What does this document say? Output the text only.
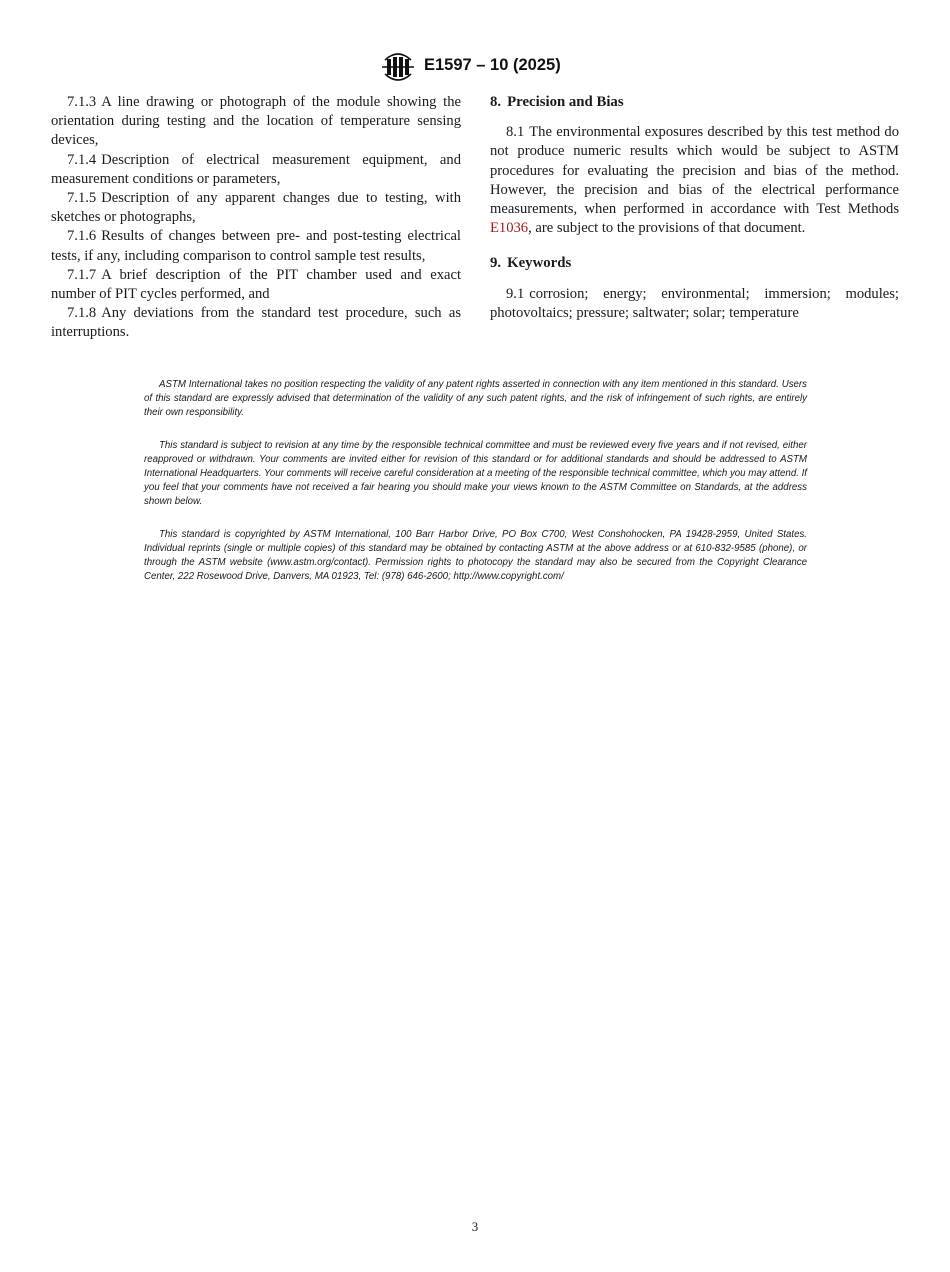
E1597 – 10 (2025)

7.1.3 A line drawing or photograph of the module showing the orientation during testing and the location of temperature sensing devices,

7.1.4 Description of electrical measurement equipment, and measurement conditions or parameters,

7.1.5 Description of any apparent changes due to testing, with sketches or photographs,

7.1.6 Results of changes between pre- and post-testing electrical tests, if any, including comparison to control sample test results,

7.1.7 A brief description of the PIT chamber used and exact number of PIT cycles performed, and

7.1.8 Any deviations from the standard test procedure, such as interruptions.

8. Precision and Bias

8.1 The environmental exposures described by this test method do not produce numeric results which would be subject to ASTM procedures for evaluating the precision and bias of the method. However, the precision and bias of the electrical performance measurements, when performed in accordance with Test Methods E1036, are subject to the provisions of that document.

9. Keywords

9.1 corrosion; energy; environmental; immersion; modules; photovoltaics; pressure; saltwater; solar; temperature

ASTM International takes no position respecting the validity of any patent rights asserted in connection with any item mentioned in this standard. Users of this standard are expressly advised that determination of the validity of any such patent rights, and the risk of infringement of such rights, are entirely their own responsibility.

This standard is subject to revision at any time by the responsible technical committee and must be reviewed every five years and if not revised, either reapproved or withdrawn. Your comments are invited either for revision of this standard or for additional standards and should be addressed to ASTM International Headquarters. Your comments will receive careful consideration at a meeting of the responsible technical committee, which you may attend. If you feel that your comments have not received a fair hearing you should make your views known to the ASTM Committee on Standards, at the address shown below.

This standard is copyrighted by ASTM International, 100 Barr Harbor Drive, PO Box C700, West Conshohocken, PA 19428-2959, United States. Individual reprints (single or multiple copies) of this standard may be obtained by contacting ASTM at the above address or at 610-832-9585 (phone), or through the ASTM website (www.astm.org/contact). Permission rights to photocopy the standard may also be secured from the Copyright Clearance Center, 222 Rosewood Drive, Danvers, MA 01923, Tel: (978) 646-2600; http://www.copyright.com/

3
